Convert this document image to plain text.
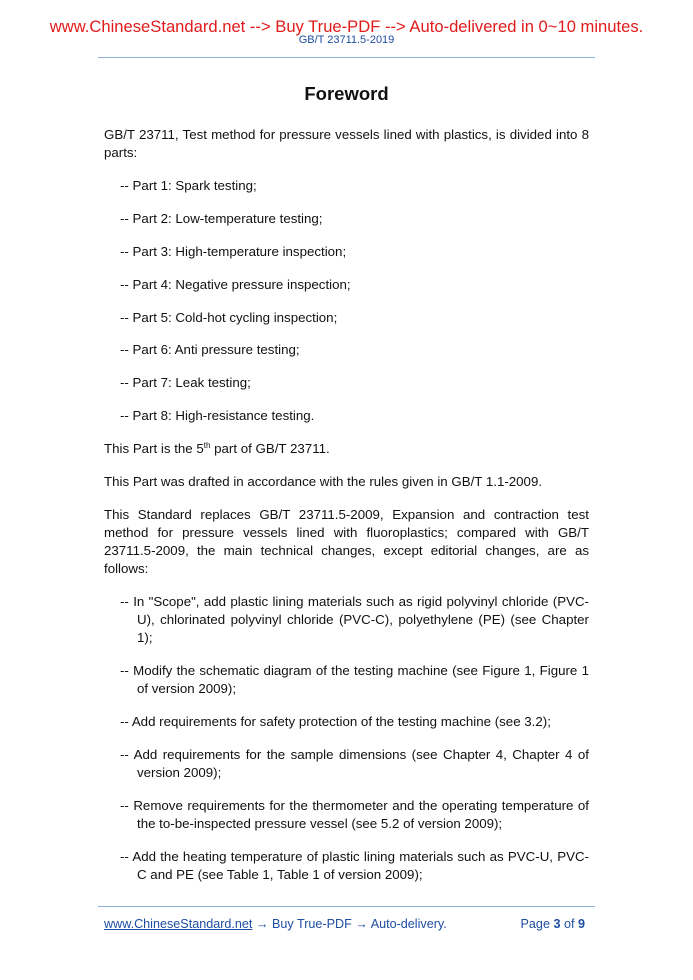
www.ChineseStandard.net --> Buy True-PDF --> Auto-delivered in 0~10 minutes.
GB/T 23711.5-2019
Foreword

GB/T 23711, Test method for pressure vessels lined with plastics, is divided into 8 parts:

-- Part 1: Spark testing;

-- Part 2: Low-temperature testing;

-- Part 3: High-temperature inspection;

-- Part 4: Negative pressure inspection;

-- Part 5: Cold-hot cycling inspection;

-- Part 6: Anti pressure testing;

-- Part 7: Leak testing;

-- Part 8: High-resistance testing.

This Part is the 5th part of GB/T 23711.

This Part was drafted in accordance with the rules given in GB/T 1.1-2009.

This Standard replaces GB/T 23711.5-2009, Expansion and contraction test method for pressure vessels lined with fluoroplastics; compared with GB/T 23711.5-2009, the main technical changes, except editorial changes, are as follows:

-- In "Scope", add plastic lining materials such as rigid polyvinyl chloride (PVC-U), chlorinated polyvinyl chloride (PVC-C), polyethylene (PE) (see Chapter 1);

-- Modify the schematic diagram of the testing machine (see Figure 1, Figure 1 of version 2009);

-- Add requirements for safety protection of the testing machine (see 3.2);

-- Add requirements for the sample dimensions (see Chapter 4, Chapter 4 of version 2009);

-- Remove requirements for the thermometer and the operating temperature of the to-be-inspected pressure vessel (see 5.2 of version 2009);

-- Add the heating temperature of plastic lining materials such as PVC-U, PVC-C and PE (see Table 1, Table 1 of version 2009);

www.ChineseStandard.net → Buy True-PDF → Auto-delivery.	Page 3 of 9
